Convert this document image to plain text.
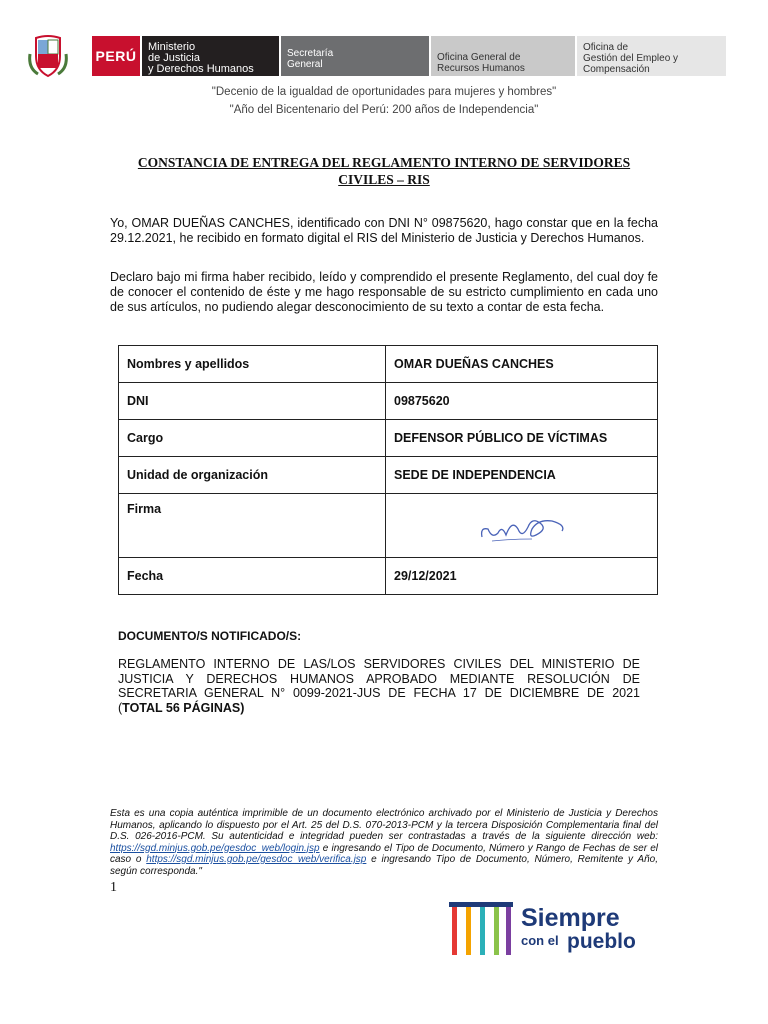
PERÚ
Ministerio
de Justicia
y Derechos Humanos
Secretaría
General
Oficina General de
Recursos Humanos
Oficina de
Gestión del Empleo y
Compensación
"Decenio de la igualdad de oportunidades para mujeres y hombres"
"Año del Bicentenario del Perú: 200 años de Independencia"
CONSTANCIA DE ENTREGA DEL REGLAMENTO INTERNO DE SERVIDORES
CIVILES – RIS
Yo, OMAR DUEÑAS CANCHES, identificado con DNI N° 09875620, hago constar que en la fecha 29.12.2021, he recibido en formato digital el RIS del Ministerio de Justicia y Derechos Humanos.
Declaro bajo mi firma haber recibido, leído y comprendido el presente Reglamento, del cual doy fe de conocer el contenido de éste y me hago responsable de su estricto cumplimiento en cada uno de sus artículos, no pudiendo alegar desconocimiento de su texto a contar de esta fecha.
Nombres y apellidos	OMAR DUEÑAS CANCHES
DNI	09875620
Cargo	DEFENSOR PÚBLICO DE VÍCTIMAS
Unidad de organización	SEDE DE INDEPENDENCIA
Firma	
Fecha	29/12/2021
DOCUMENTO/S NOTIFICADO/S:
REGLAMENTO INTERNO DE LAS/LOS SERVIDORES CIVILES DEL MINISTERIO DE JUSTICIA Y DERECHOS HUMANOS APROBADO MEDIANTE RESOLUCIÓN DE SECRETARIA GENERAL N° 0099-2021-JUS DE FECHA 17 DE DICIEMBRE DE 2021 (TOTAL 56 PÁGINAS)
Esta es una copia auténtica imprimible de un documento electrónico archivado por el Ministerio de Justicia y Derechos Humanos, aplicando lo dispuesto por el Art. 25 del D.S. 070-2013-PCM y la tercera Disposición Complementaria final del D.S. 026-2016-PCM. Su autenticidad e integridad pueden ser contrastadas a través de la siguiente dirección web: https://sgd.minjus.gob.pe/gesdoc_web/login.jsp e ingresando el Tipo de Documento, Número y Rango de Fechas de ser el caso o https://sgd.minjus.gob.pe/gesdoc_web/verifica.jsp e ingresando Tipo de Documento, Número, Remitente y Año, según corresponda."
1
Siempre
con el pueblo
